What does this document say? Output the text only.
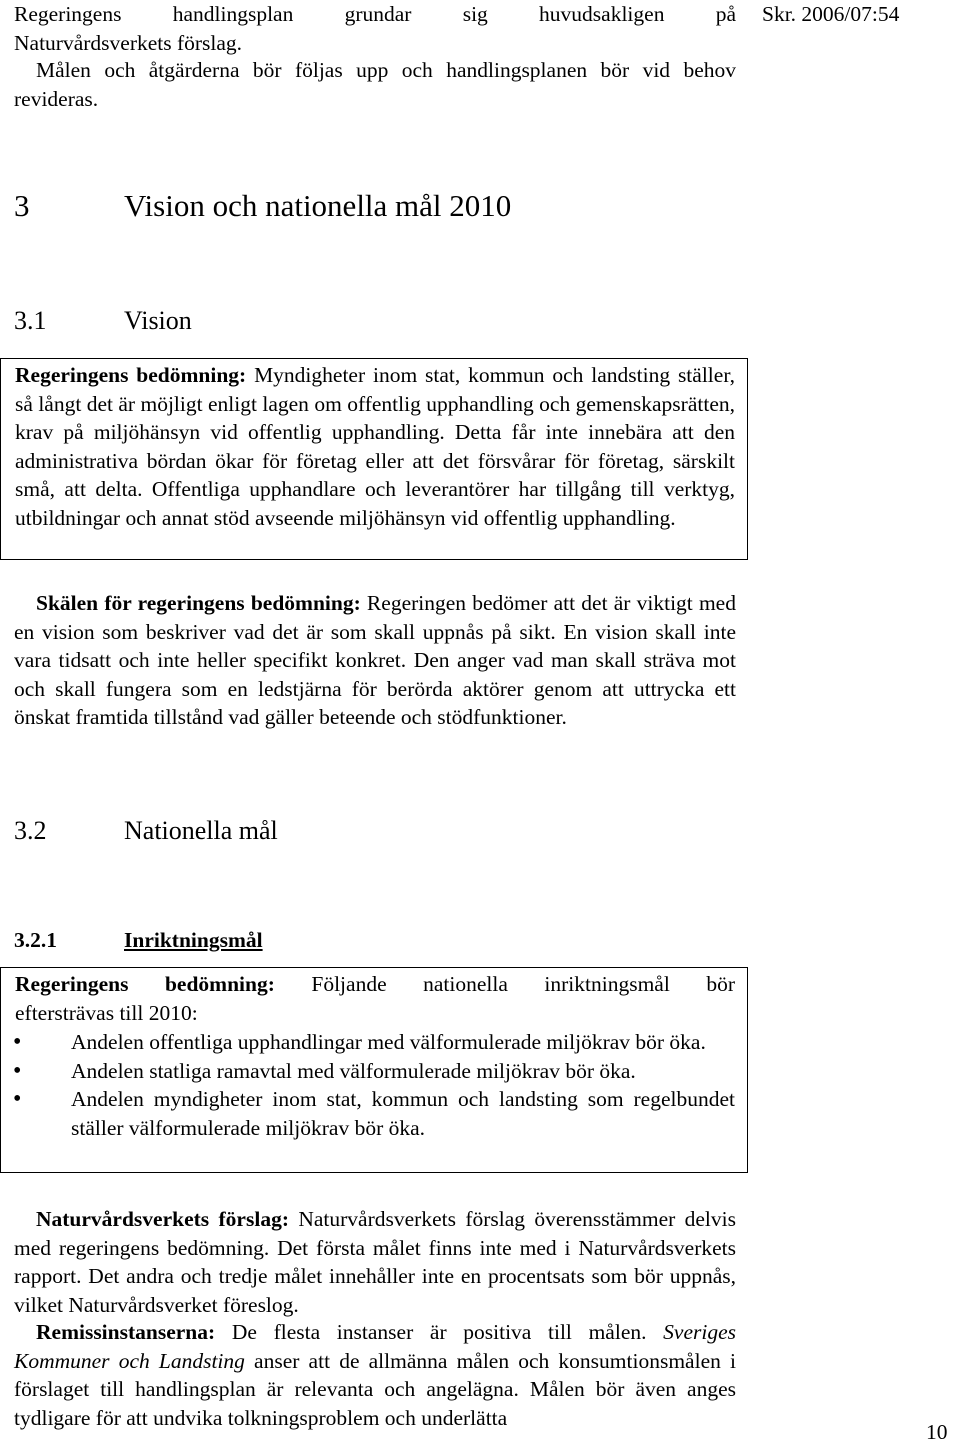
Skr. 2006/07:54
Regeringens handlingsplan grundar sig huvudsakligen på
Naturvårdsverkets förslag.
Målen och åtgärderna bör följas upp och handlingsplanen bör vid behov revideras.
3	Vision och nationella mål 2010
3.1	Vision
Regeringens bedömning: Myndigheter inom stat, kommun och landsting ställer, så långt det är möjligt enligt lagen om offentlig upphandling och gemenskapsrätten, krav på miljöhänsyn vid offentlig upphandling. Detta får inte innebära att den administrativa bördan ökar för företag eller att det försvårar för företag, särskilt små, att delta. Offentliga upphandlare och leverantörer har tillgång till verktyg, utbildningar och annat stöd avseende miljöhänsyn vid offentlig upphandling.
Skälen för regeringens bedömning: Regeringen bedömer att det är viktigt med en vision som beskriver vad det är som skall uppnås på sikt. En vision skall inte vara tidsatt och inte heller specifikt konkret. Den anger vad man skall sträva mot och skall fungera som en ledstjärna för berörda aktörer genom att uttrycka ett önskat framtida tillstånd vad gäller beteende och stödfunktioner.
3.2	Nationella mål
3.2.1	Inriktningsmål
Regeringens bedömning: Följande nationella inriktningsmål bör
eftersträvas till 2010:
•	Andelen offentliga upphandlingar med välformulerade miljökrav bör öka.
•	Andelen statliga ramavtal med välformulerade miljökrav bör öka.
•	Andelen myndigheter inom stat, kommun och landsting som regelbundet ställer välformulerade miljökrav bör öka.
Naturvårdsverkets förslag: Naturvårdsverkets förslag överensstämmer delvis med regeringens bedömning. Det första målet finns inte med i Naturvårdsverkets rapport. Det andra och tredje målet innehåller inte en procentsats som bör uppnås, vilket Naturvårdsverket föreslog.
Remissinstanserna: De flesta instanser är positiva till målen. Sveriges Kommuner och Landsting anser att de allmänna målen och konsumtionsmålen i förslaget till handlingsplan är relevanta och angelägna. Målen bör även anges tydligare för att undvika tolkningsproblem och underlätta
10
